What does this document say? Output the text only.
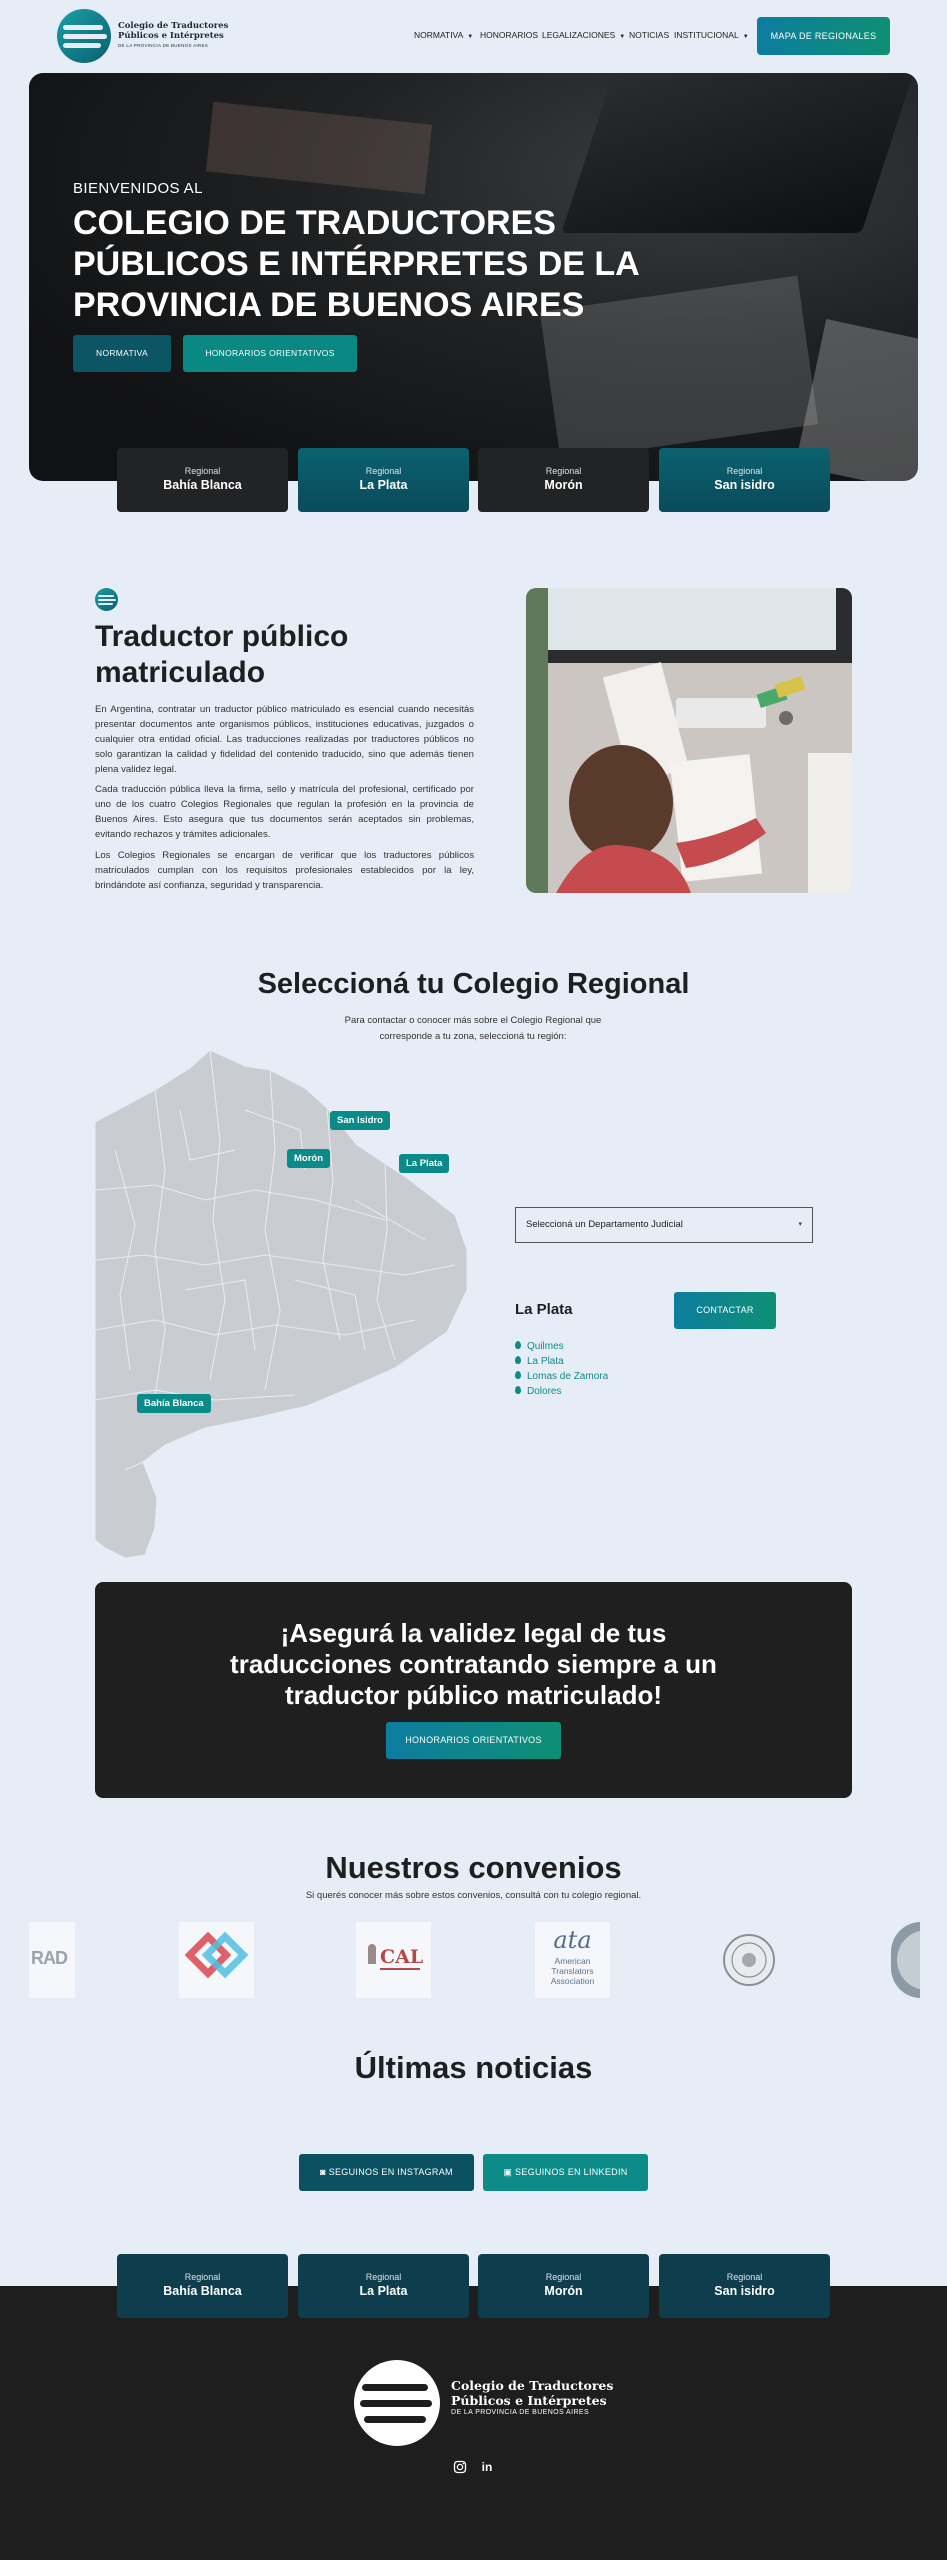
Colegio de Traductores
Públicos e Intérpretes
DE LA PROVINCIA DE BUENOS AIRES
NORMATIVA ▼ HONORARIOS LEGALIZACIONES ▼ NOTICIAS INSTITUCIONAL ▼	MAPA DE REGIONALES
BIENVENIDOS AL
COLEGIO DE TRADUCTORES PÚBLICOS E INTÉRPRETES DE LA PROVINCIA DE BUENOS AIRES
NORMATIVA	HONORARIOS ORIENTATIVOS
Regional
Bahía Blanca
Regional
La Plata
Regional
Morón
Regional
San isidro
Traductor público matriculado
En Argentina, contratar un traductor público matriculado es esencial cuando necesitás presentar documentos ante organismos públicos, instituciones educativas, juzgados o cualquier otra entidad oficial. Las traducciones realizadas por traductores públicos no solo garantizan la calidad y fidelidad del contenido traducido, sino que además tienen plena validez legal.
Cada traducción pública lleva la firma, sello y matrícula del profesional, certificado por uno de los cuatro Colegios Regionales que regulan la profesión en la provincia de Buenos Aires. Esto asegura que tus documentos serán aceptados sin problemas, evitando rechazos y trámites adicionales.
Los Colegios Regionales se encargan de verificar que los traductores públicos matriculados cumplan con los requisitos profesionales establecidos por la ley, brindándote así confianza, seguridad y transparencia.
Seleccioná tu Colegio Regional
Para contactar o conocer más sobre el Colegio Regional que corresponde a tu zona, seleccioná tu región:
San Isidro
Morón	La Plata
Bahía Blanca
Seleccioná un Departamento Judicial	▾
La Plata	CONTACTAR
Quilmes
La Plata
Lomas de Zamora
Dolores
¡Asegurá la validez legal de tus traducciones contratando siempre a un traductor público matriculado!
HONORARIOS ORIENTATIVOS
Nuestros convenios
Si querés conocer más sobre estos convenios, consultá con tu colegio regional.
RAD	CAL
ata
American
Translators
Association
Últimas noticias
◙ SEGUINOS EN INSTAGRAM	▣ SEGUINOS EN LINKEDIN
Regional
Bahía Blanca
Regional
La Plata
Regional
Morón
Regional
San isidro
Colegio de Traductores
Públicos e Intérpretes
DE LA PROVINCIA DE BUENOS AIRES
in
